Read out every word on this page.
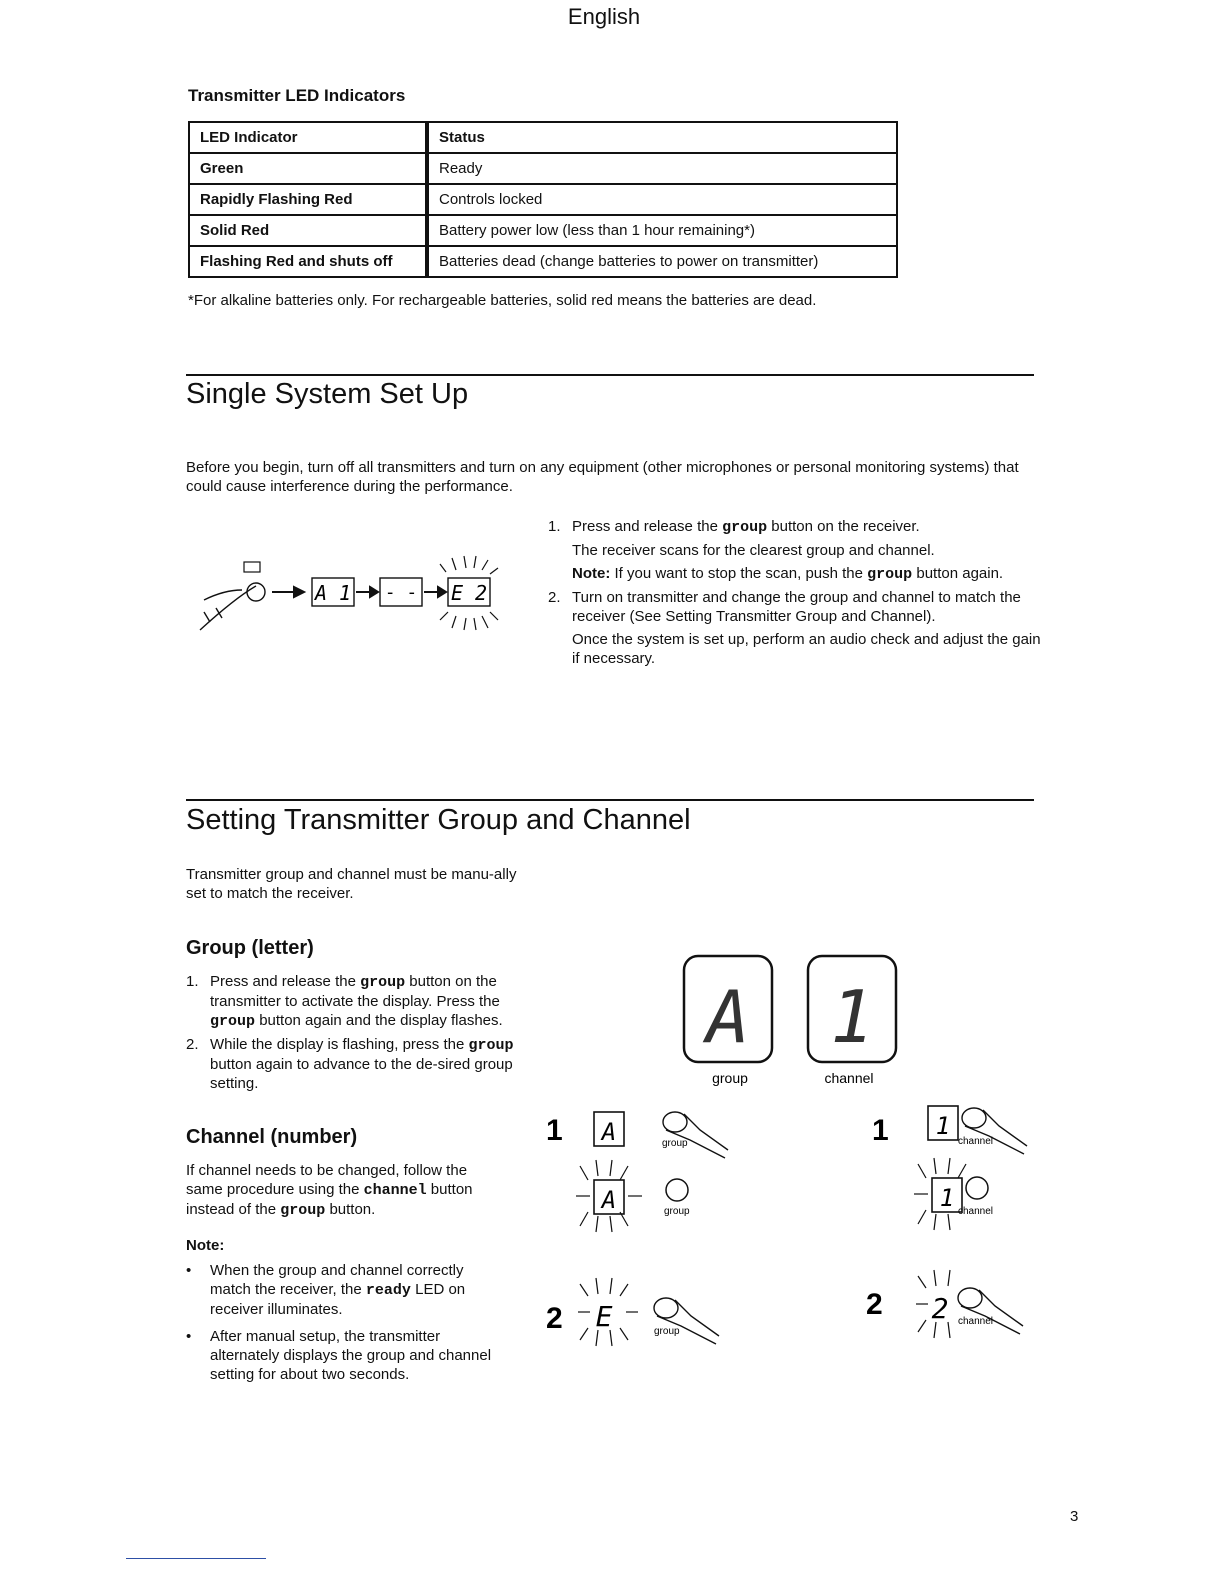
English
Transmitter LED Indicators
LED Indicator	Status
Green	Ready
Rapidly Flashing Red	Controls locked
Solid Red	Battery power low (less than 1 hour remaining*)
Flashing Red and shuts off	Batteries dead (change batteries to power on transmitter)
*For alkaline batteries only. For rechargeable batteries, solid red means the batteries are dead.
Single System Set Up
Before you begin, turn off all transmitters and turn on any equipment (other microphones or personal monitoring systems) that could cause interference during the performance.
A 1 - - E 2
1. Press and release the group button on the receiver.

The receiver scans for the clearest group and channel.

Note: If you want to stop the scan, push the group button again.

2. Turn on transmitter and change the group and channel to match the receiver (See Setting Transmitter Group and Channel).

Once the system is set up, perform an audio check and adjust the gain if necessary.

Setting Transmitter Group and Channel
Transmitter group and channel must be manu-ally set to match the receiver.
Group (letter)
1. Press and release the group button on the transmitter to activate the display. Press the group button again and the display flashes.
2. While the display is flashing, press the group button again to advance to the de-sired group setting.
Channel (number)
If channel needs to be changed, follow the same procedure using the channel button instead of the group button.
Note:
• When the group and channel correctly match the receiver, the ready LED on receiver illuminates.
• After manual setup, the transmitter alternately displays the group and channel setting for about two seconds.
A 1
group	channel
1 A	group
A	group
2 E	group
1 1
channel
1 channel
2 2 channel
3
